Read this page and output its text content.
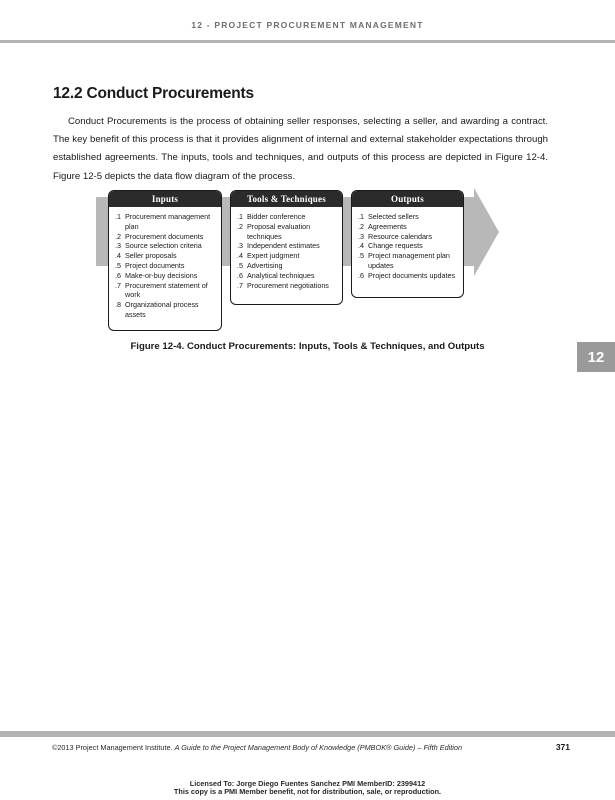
12 - PROJECT PROCUREMENT MANAGEMENT
12.2 Conduct Procurements

Conduct Procurements is the process of obtaining seller responses, selecting a seller, and awarding a contract. The key benefit of this process is that it provides alignment of internal and external stakeholder expectations through established agreements. The inputs, tools and techniques, and outputs of this process are depicted in Figure 12-4. Figure 12-5 depicts the data flow diagram of the process.

Inputs
.1 Procurement management plan
.2 Procurement documents
.3 Source selection criteria
.4 Seller proposals
.5 Project documents
.6 Make-or-buy decisions
.7 Procurement statement of work
.8 Organizational process assets
Tools & Techniques
.1 Bidder conference
.2 Proposal evaluation techniques
.3 Independent estimates
.4 Expert judgment
.5 Advertising
.6 Analytical techniques
.7 Procurement negotiations
Outputs
.1 Selected sellers
.2 Agreements
.3 Resource calendars
.4 Change requests
.5 Project management plan updates
.6 Project documents updates
Figure 12-4. Conduct Procurements: Inputs, Tools & Techniques, and Outputs
12
©2013 Project Management Institute. A Guide to the Project Management Body of Knowledge (PMBOK® Guide) – Fifth Edition	371
Licensed To: Jorge Diego Fuentes Sanchez PMI MemberID: 2399412
This copy is a PMI Member benefit, not for distribution, sale, or reproduction.
